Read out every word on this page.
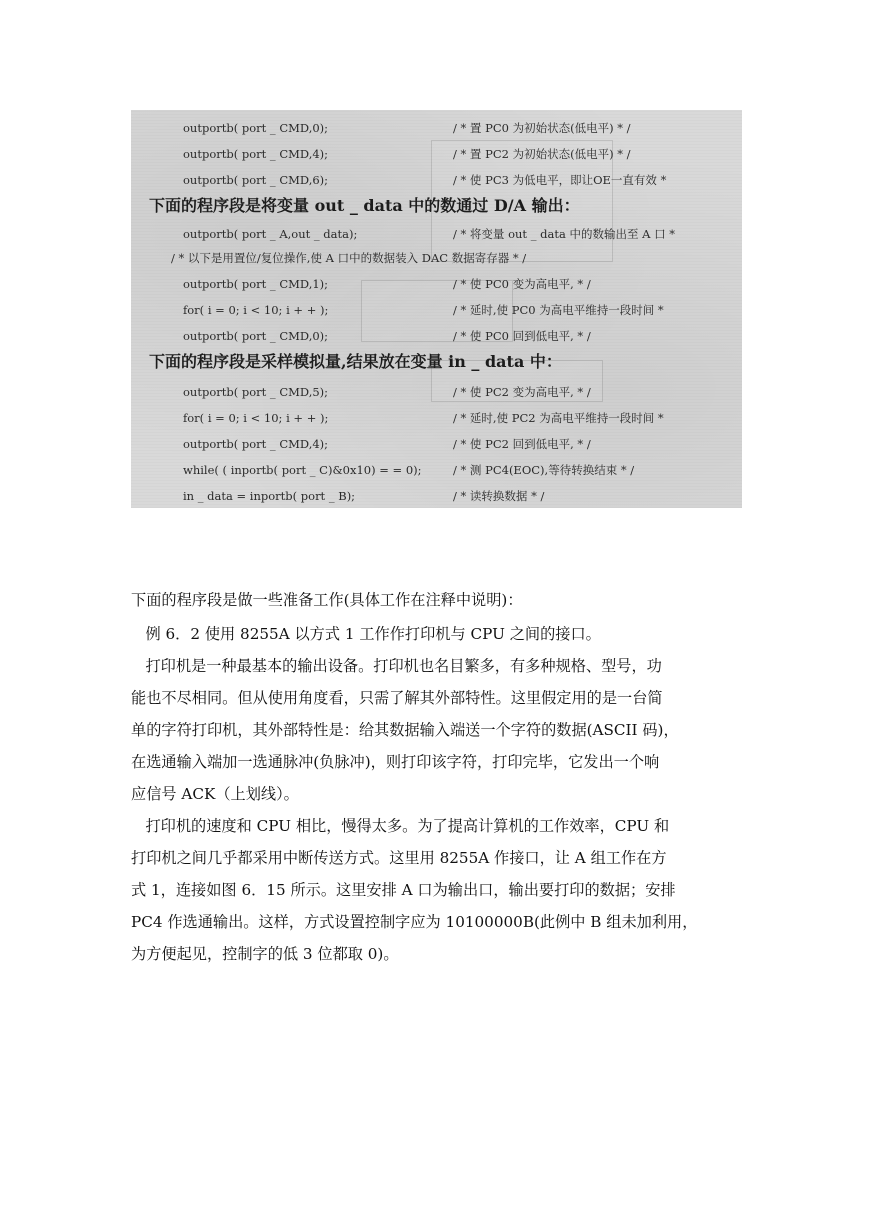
outportb( port _ CMD,0);	/ * 置 PC0 为初始状态(低电平) * /
outportb( port _ CMD,4);	/ * 置 PC2 为初始状态(低电平) * /
outportb( port _ CMD,6);	/ * 使 PC3 为低电平，即让OE一直有效 *
下面的程序段是将变量 out _ data 中的数通过 D/A 输出：
outportb( port _ A,out _ data);	/ * 将变量 out _ data 中的数输出至 A 口 *
/ * 以下是用置位/复位操作,使 A 口中的数据装入 DAC 数据寄存器 * /
outportb( port _ CMD,1);	/ * 使 PC0 变为高电平, * /
for( i = 0; i < 10; i + + );	/ * 延时,使 PC0 为高电平维持一段时间 *
outportb( port _ CMD,0);	/ * 使 PC0 回到低电平, * /
下面的程序段是采样模拟量,结果放在变量 in _ data 中：
outportb( port _ CMD,5);	/ * 使 PC2 变为高电平, * /
for( i = 0; i < 10; i + + );	/ * 延时,使 PC2 为高电平维持一段时间 *
outportb( port _ CMD,4);	/ * 使 PC2 回到低电平, * /
while( ( inportb( port _ C)&0x10) = = 0);	/ * 测 PC4(EOC),等待转换结束 * /
in _ data = inportb( port _ B);	/ * 读转换数据 * /
下面的程序段是做一些准备工作(具体工作在注释中说明)：
例 6．2 使用 8255A 以方式 1 工作作打印机与 CPU 之间的接口。
打印机是一种最基本的输出设备。打印机也名目繁多，有多种规格、型号，功
能也不尽相同。但从使用角度看，只需了解其外部特性。这里假定用的是一台简
单的字符打印机，其外部特性是：给其数据输入端送一个字符的数据(ASCII 码)，
在选通输入端加一选通脉冲(负脉冲)，则打印该字符，打印完毕，它发出一个响
应信号 ACK（上划线）。
打印机的速度和 CPU 相比，慢得太多。为了提高计算机的工作效率，CPU 和
打印机之间几乎都采用中断传送方式。这里用 8255A 作接口，让 A 组工作在方
式 1，连接如图 6．15 所示。这里安排 A 口为输出口，输出要打印的数据；安排
PC4 作选通输出。这样，方式设置控制字应为 10100000B(此例中 B 组未加利用，
为方便起见，控制字的低 3 位都取 0)。
